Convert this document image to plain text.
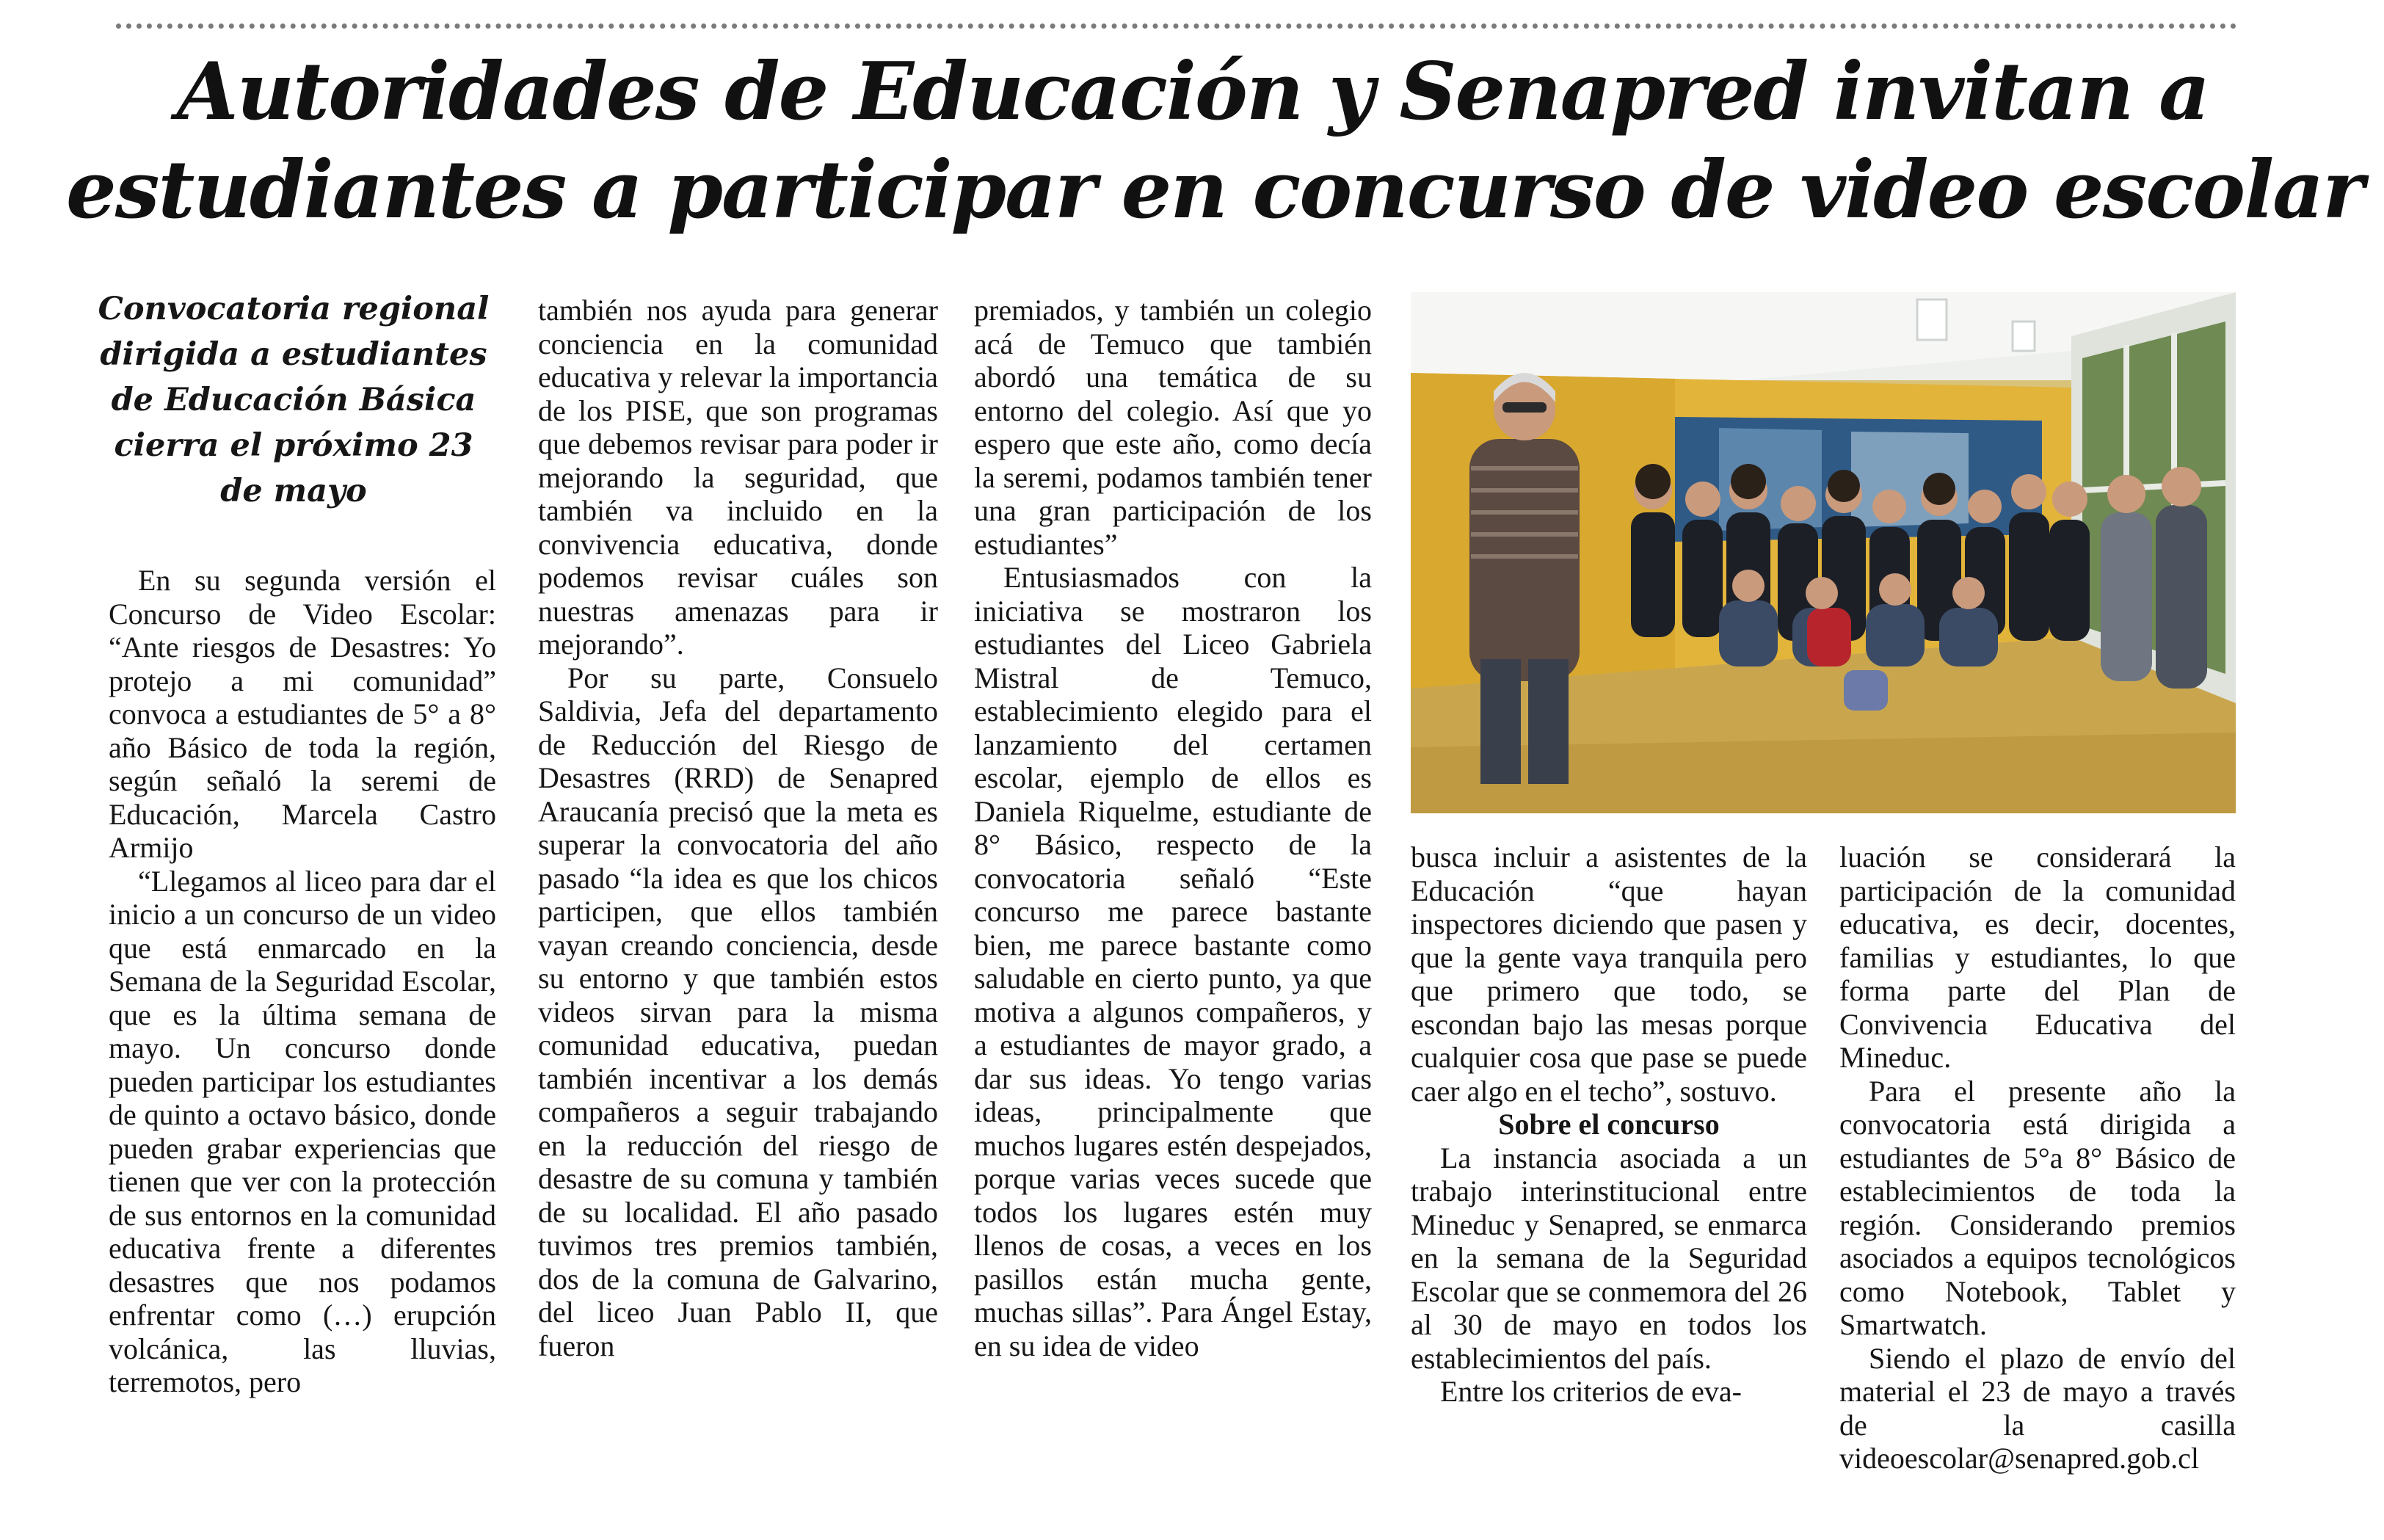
Autoridades de Educación y Senapred invitan a
estudiantes a participar en concurso de video escolar
Convocatoria regional dirigida a estudiantes de Educación Básica cierra el próximo 23 de mayo

En su segunda versión el Concurso de Video Escolar: “Ante riesgos de Desastres: Yo protejo a mi comunidad” convoca a estudiantes de 5° a 8° año Básico de toda la región, según señaló la seremi de Educación, Marcela Castro Armijo

“Llegamos al liceo para dar el inicio a un concurso de un video que está enmarcado en la Semana de la Seguridad Escolar, que es la última semana de mayo. Un concurso donde pueden participar los estudiantes de quinto a octavo básico, donde pueden grabar experiencias que tienen que ver con la protección de sus entornos en la comunidad educativa frente a diferentes desastres que nos podamos enfrentar como (…) erupción volcánica, las lluvias, terremotos, pero

también nos ayuda para generar conciencia en la comunidad educativa y relevar la importancia de los PISE, que son programas que debemos revisar para poder ir mejorando la seguridad, que también va incluido en la convivencia educativa, donde podemos revisar cuáles son nuestras amenazas para ir mejorando”.

Por su parte, Consuelo Saldivia, Jefa del departamento de Reducción del Riesgo de Desastres (RRD) de Senapred Araucanía precisó que la meta es superar la convocatoria del año pasado “la idea es que los chicos participen, que ellos también vayan creando conciencia, desde su entorno y que también estos videos sirvan para la misma comunidad educativa, puedan también incentivar a los demás compañeros a seguir trabajando en la reducción del riesgo de desastre de su comuna y también de su localidad. El año pasado tuvimos tres premios también, dos de la comuna de Galvarino, del liceo Juan Pablo II, que fueron

premiados, y también un colegio acá de Temuco que también abordó una temática de su entorno del colegio. Así que yo espero que este año, como decía la seremi, podamos también tener una gran participación de los estudiantes”

Entusiasmados con la iniciativa se mostraron los estudiantes del Liceo Gabriela Mistral de Temuco, establecimiento elegido para el lanzamiento del certamen escolar, ejemplo de ellos es Daniela Riquelme, estudiante de 8° Básico, respecto de la convocatoria señaló “Este concurso me parece bastante bien, me parece bastante como saludable en cierto punto, ya que motiva a algunos compañeros, y a estudiantes de mayor grado, a dar sus ideas. Yo tengo varias ideas, principalmente que muchos lugares estén despejados, porque varias veces sucede que todos los lugares estén muy llenos de cosas, a veces en los pasillos están mucha gente, muchas sillas”. Para Ángel Estay, en su idea de video

busca incluir a asistentes de la Educación “que hayan inspectores diciendo que pasen y que la gente vaya tranquila pero que primero que todo, se escondan bajo las mesas porque cualquier cosa que pase se puede caer algo en el techo”, sostuvo.

Sobre el concurso

La instancia asociada a un trabajo interinstitucional entre Mineduc y Senapred, se enmarca en la semana de la Seguridad Escolar que se conmemora del 26 al 30 de mayo en todos los establecimientos del país.

Entre los criterios de eva-

luación se considerará la participación de la comunidad educativa, es decir, docentes, familias y estudiantes, lo que forma parte del Plan de Convivencia Educativa del Mineduc.

Para el presente año la convocatoria está dirigida a estudiantes de 5°a 8° Básico de establecimientos de toda la región. Considerando premios asociados a equipos tecnológicos como Notebook, Tablet y Smartwatch.

Siendo el plazo de envío del material el 23 de mayo a través de la casilla videoescolar@senapred.gob.cl
